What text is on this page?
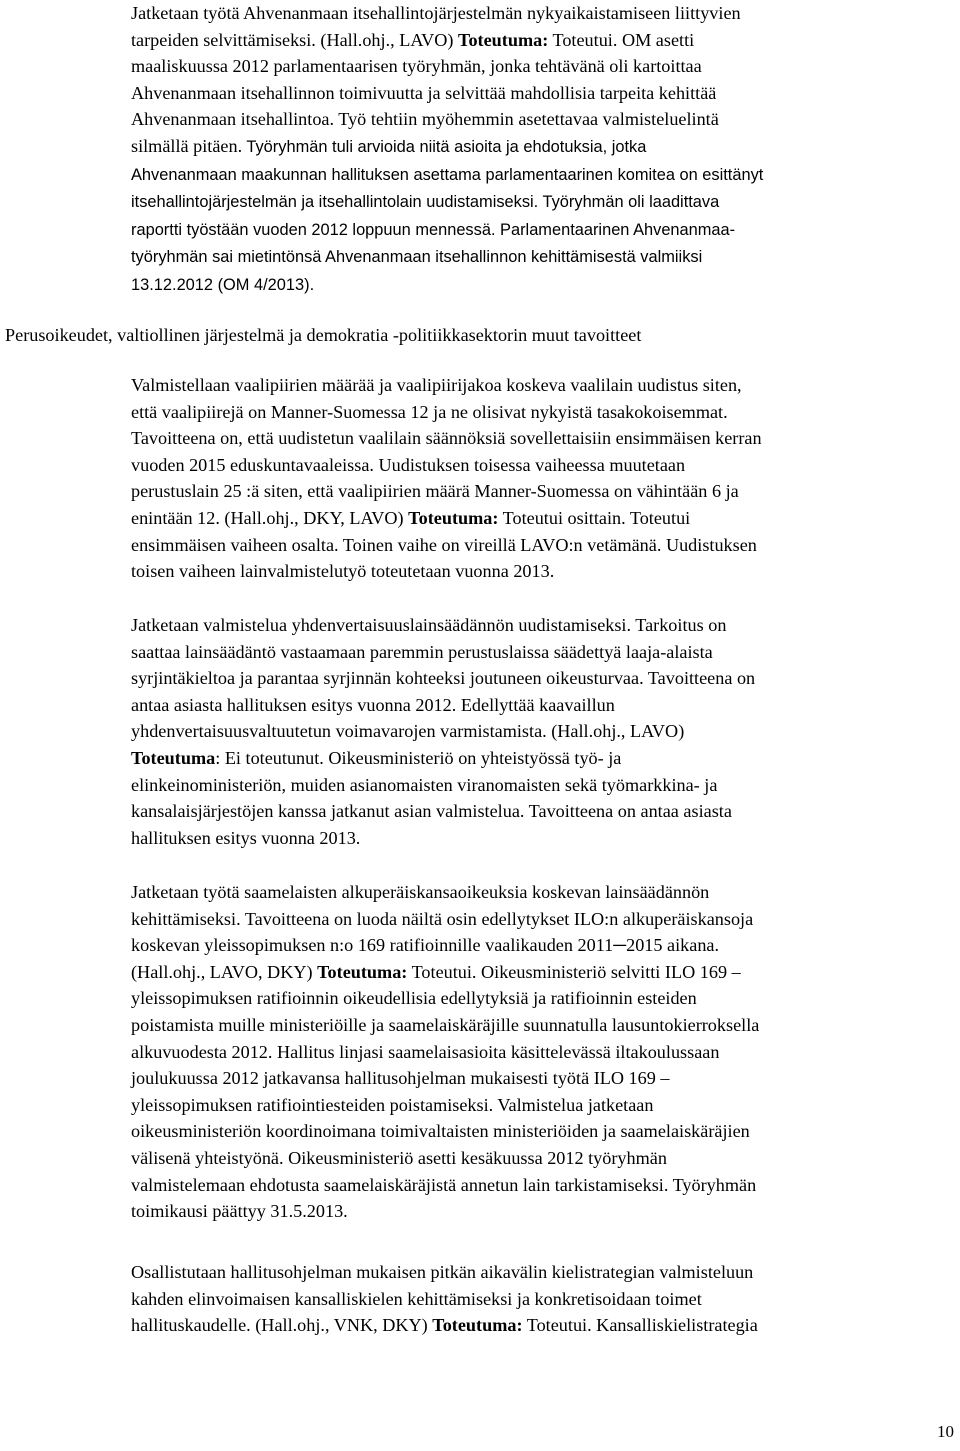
Jatketaan työtä Ahvenanmaan itsehallintojärjestelmän nykyaikaistamiseen liittyvien
tarpeiden selvittämiseksi. (Hall.ohj., LAVO) Toteutuma: Toteutui. OM asetti
maaliskuussa 2012 parlamentaarisen työryhmän, jonka tehtävänä oli kartoittaa
Ahvenanmaan itsehallinnon toimivuutta ja selvittää mahdollisia tarpeita kehittää
Ahvenanmaan itsehallintoa. Työ tehtiin myöhemmin asetettavaa valmisteluelintä
silmällä pitäen. Työryhmän tuli arvioida niitä asioita ja ehdotuksia, jotka
Ahvenanmaan maakunnan hallituksen asettama parlamentaarinen komitea on esittänyt
itsehallintojärjestelmän ja itsehallintolain uudistamiseksi. Työryhmän oli laadittava
raportti työstään vuoden 2012 loppuun mennessä. Parlamentaarinen Ahvenanmaa-
työryhmän sai mietintönsä Ahvenanmaan itsehallinnon kehittämisestä valmiiksi
13.12.2012 (OM 4/2013).

Perusoikeudet, valtiollinen järjestelmä ja demokratia -politiikkasektorin muut tavoitteet

Valmistellaan vaalipiirien määrää ja vaalipiirijakoa koskeva vaalilain uudistus siten,
että vaalipiirejä on Manner-Suomessa 12 ja ne olisivat nykyistä tasakokoisemmat.
Tavoitteena on, että uudistetun vaalilain säännöksiä sovellettaisiin ensimmäisen kerran
vuoden 2015 eduskuntavaaleissa. Uudistuksen toisessa vaiheessa muutetaan
perustuslain 25 :ä siten, että vaalipiirien määrä Manner-Suomessa on vähintään 6 ja
enintään 12. (Hall.ohj., DKY, LAVO) Toteutuma: Toteutui osittain. Toteutui
ensimmäisen vaiheen osalta. Toinen vaihe on vireillä LAVO:n vetämänä. Uudistuksen
toisen vaiheen lainvalmistelutyö toteutetaan vuonna 2013.

Jatketaan valmistelua yhdenvertaisuuslainsäädännön uudistamiseksi. Tarkoitus on
saattaa lainsäädäntö vastaamaan paremmin perustuslaissa säädettyä laaja-alaista
syrjintäkieltoa ja parantaa syrjinnän kohteeksi joutuneen oikeusturvaa. Tavoitteena on
antaa asiasta hallituksen esitys vuonna 2012. Edellyttää kaavaillun
yhdenvertaisuusvaltuutetun voimavarojen varmistamista. (Hall.ohj., LAVO)
Toteutuma: Ei toteutunut. Oikeusministeriö on yhteistyössä työ- ja
elinkeinoministeriön, muiden asianomaisten viranomaisten sekä työmarkkina- ja
kansalaisjärjestöjen kanssa jatkanut asian valmistelua. Tavoitteena on antaa asiasta
hallituksen esitys vuonna 2013.

Jatketaan työtä saamelaisten alkuperäiskansaoikeuksia koskevan lainsäädännön
kehittämiseksi. Tavoitteena on luoda näiltä osin edellytykset ILO:n alkuperäiskansoja
koskevan yleissopimuksen n:o 169 ratifioinnille vaalikauden 2011─2015 aikana.
(Hall.ohj., LAVO, DKY) Toteutuma: Toteutui. Oikeusministeriö selvitti ILO 169 –
yleissopimuksen ratifioinnin oikeudellisia edellytyksiä ja ratifioinnin esteiden
poistamista muille ministeriöille ja saamelaiskäräjille suunnatulla lausuntokierroksella
alkuvuodesta 2012. Hallitus linjasi saamelaisasioita käsittelevässä iltakoulussaan
joulukuussa 2012 jatkavansa hallitusohjelman mukaisesti työtä ILO 169 –
yleissopimuksen ratifiointiesteiden poistamiseksi. Valmistelua jatketaan
oikeusministeriön koordinoimana toimivaltaisten ministeriöiden ja saamelaiskäräjien
välisenä yhteistyönä. Oikeusministeriö asetti kesäkuussa 2012 työryhmän
valmistelemaan ehdotusta saamelaiskäräjistä annetun lain tarkistamiseksi. Työryhmän
toimikausi päättyy 31.5.2013.

Osallistutaan hallitusohjelman mukaisen pitkän aikavälin kielistrategian valmisteluun
kahden elinvoimaisen kansalliskielen kehittämiseksi ja konkretisoidaan toimet
hallituskaudelle. (Hall.ohj., VNK, DKY) Toteutuma: Toteutui. Kansalliskielistrategia

10
